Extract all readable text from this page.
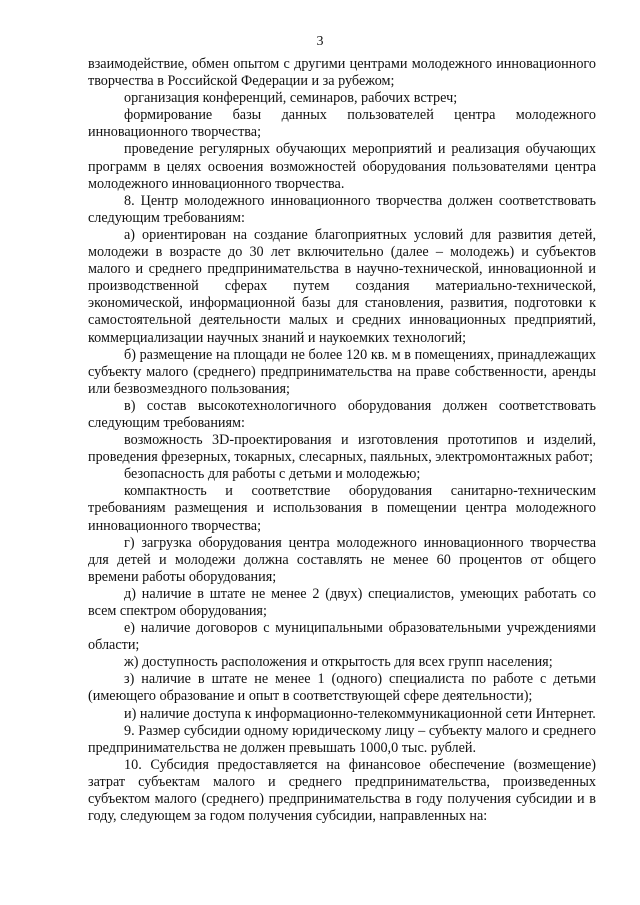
3

взаимодействие, обмен опытом с другими центрами молодежного инновационного творчества в Российской Федерации и за рубежом;

организация конференций, семинаров, рабочих встреч;

формирование базы данных пользователей центра молодежного инновационного творчества;

проведение регулярных обучающих мероприятий и реализация обучающих программ в целях освоения возможностей оборудования пользователями центра молодежного инновационного творчества.

8. Центр молодежного инновационного творчества должен соответствовать следующим требованиям:

а) ориентирован на создание благоприятных условий для развития детей, молодежи в возрасте до 30 лет включительно (далее – молодежь) и субъектов малого и среднего предпринимательства в научно-технической, инновационной и производственной сферах путем создания материально-технической, экономической, информационной базы для становления, развития, подготовки к самостоятельной деятельности малых и средних инновационных предприятий, коммерциализации научных знаний и наукоемких технологий;

б) размещение на площади не более 120 кв. м в помещениях, принадлежащих субъекту малого (среднего) предпринимательства на праве собственности, аренды или безвозмездного пользования;

в) состав высокотехнологичного оборудования должен соответствовать следующим требованиям:

возможность 3D-проектирования и изготовления прототипов и изделий, проведения фрезерных, токарных, слесарных, паяльных, электромонтажных работ;

безопасность для работы с детьми и молодежью;

компактность и соответствие оборудования санитарно-техническим требованиям размещения и использования в помещении центра молодежного инновационного творчества;

г) загрузка оборудования центра молодежного инновационного творчества для детей и молодежи должна составлять не менее 60 процентов от общего времени работы оборудования;

д) наличие в штате не менее 2 (двух) специалистов, умеющих работать со всем спектром оборудования;

е) наличие договоров с муниципальными образовательными учреждениями области;

ж) доступность расположения и открытость для всех групп населения;

з) наличие в штате не менее 1 (одного) специалиста по работе с детьми (имеющего образование и опыт в соответствующей сфере деятельности);

и) наличие доступа к информационно-телекоммуникационной сети Интернет.

9. Размер субсидии одному юридическому лицу – субъекту малого и среднего предпринимательства не должен превышать 1000,0 тыс. рублей.

10. Субсидия предоставляется на финансовое обеспечение (возмещение) затрат субъектам малого и среднего предпринимательства, произведенных субъектом малого (среднего) предпринимательства в году получения субсидии и в году, следующем за годом получения субсидии, направленных на:
